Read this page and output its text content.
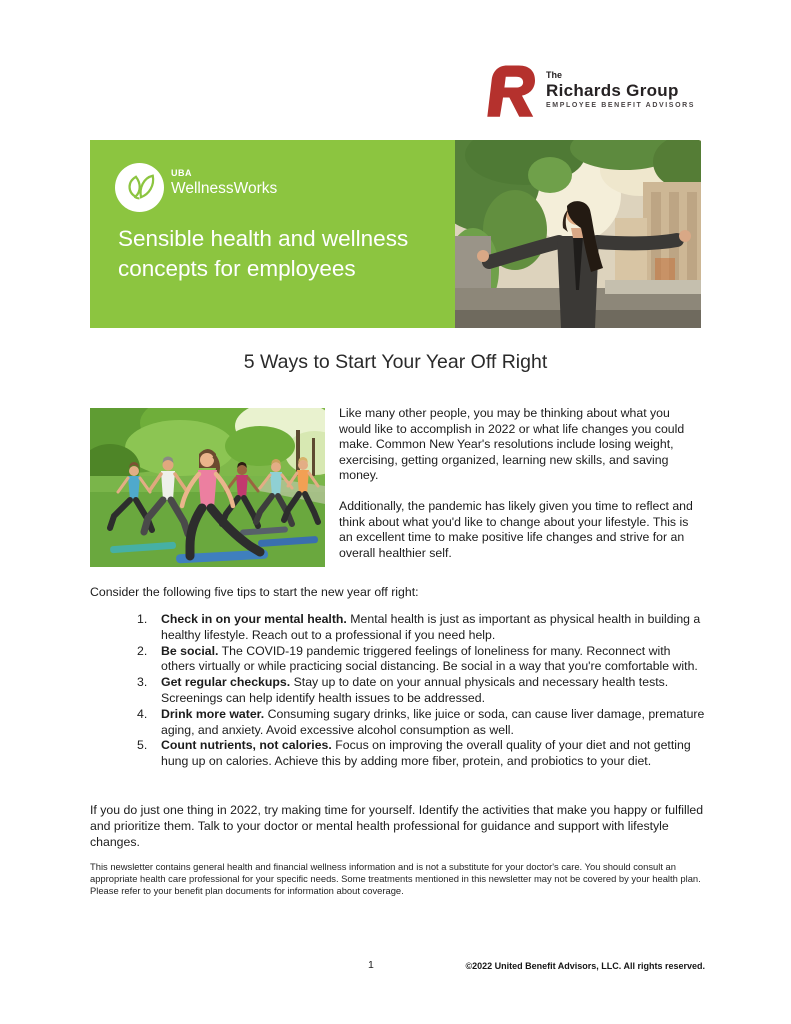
The
Richards Group
EMPLOYEE BENEFIT ADVISORS
UBA
WellnessWorks
Sensible health and wellness concepts for employees
5 Ways to Start Your Year Off Right

Like many other people, you may be thinking about what you would like to accomplish in 2022 or what life changes you could make. Common New Year's resolutions include losing weight, exercising, getting organized, learning new skills, and saving money.

Additionally, the pandemic has likely given you time to reflect and think about what you'd like to change about your lifestyle. This is an excellent time to make positive life changes and strive for an overall healthier self.

Consider the following five tips to start the new year off right:
1.	Check in on your mental health. Mental health is just as important as physical health in building a healthy lifestyle. Reach out to a professional if you need help.
2.	Be social. The COVID-19 pandemic triggered feelings of loneliness for many. Reconnect with others virtually or while practicing social distancing. Be social in a way that you're comfortable with.
3.	Get regular checkups. Stay up to date on your annual physicals and necessary health tests. Screenings can help identify health issues to be addressed.
4.	Drink more water. Consuming sugary drinks, like juice or soda, can cause liver damage, premature aging, and anxiety. Avoid excessive alcohol consumption as well.
5.	Count nutrients, not calories. Focus on improving the overall quality of your diet and not getting hung up on calories. Achieve this by adding more fiber, protein, and probiotics to your diet.
If you do just one thing in 2022, try making time for yourself. Identify the activities that make you happy or fulfilled and prioritize them. Talk to your doctor or mental health professional for guidance and support with lifestyle changes.
This newsletter contains general health and financial wellness information and is not a substitute for your doctor's care. You should consult an appropriate health care professional for your specific needs. Some treatments mentioned in this newsletter may not be covered by your health plan. Please refer to your benefit plan documents for information about coverage.
1	©2022 United Benefit Advisors, LLC. All rights reserved.
